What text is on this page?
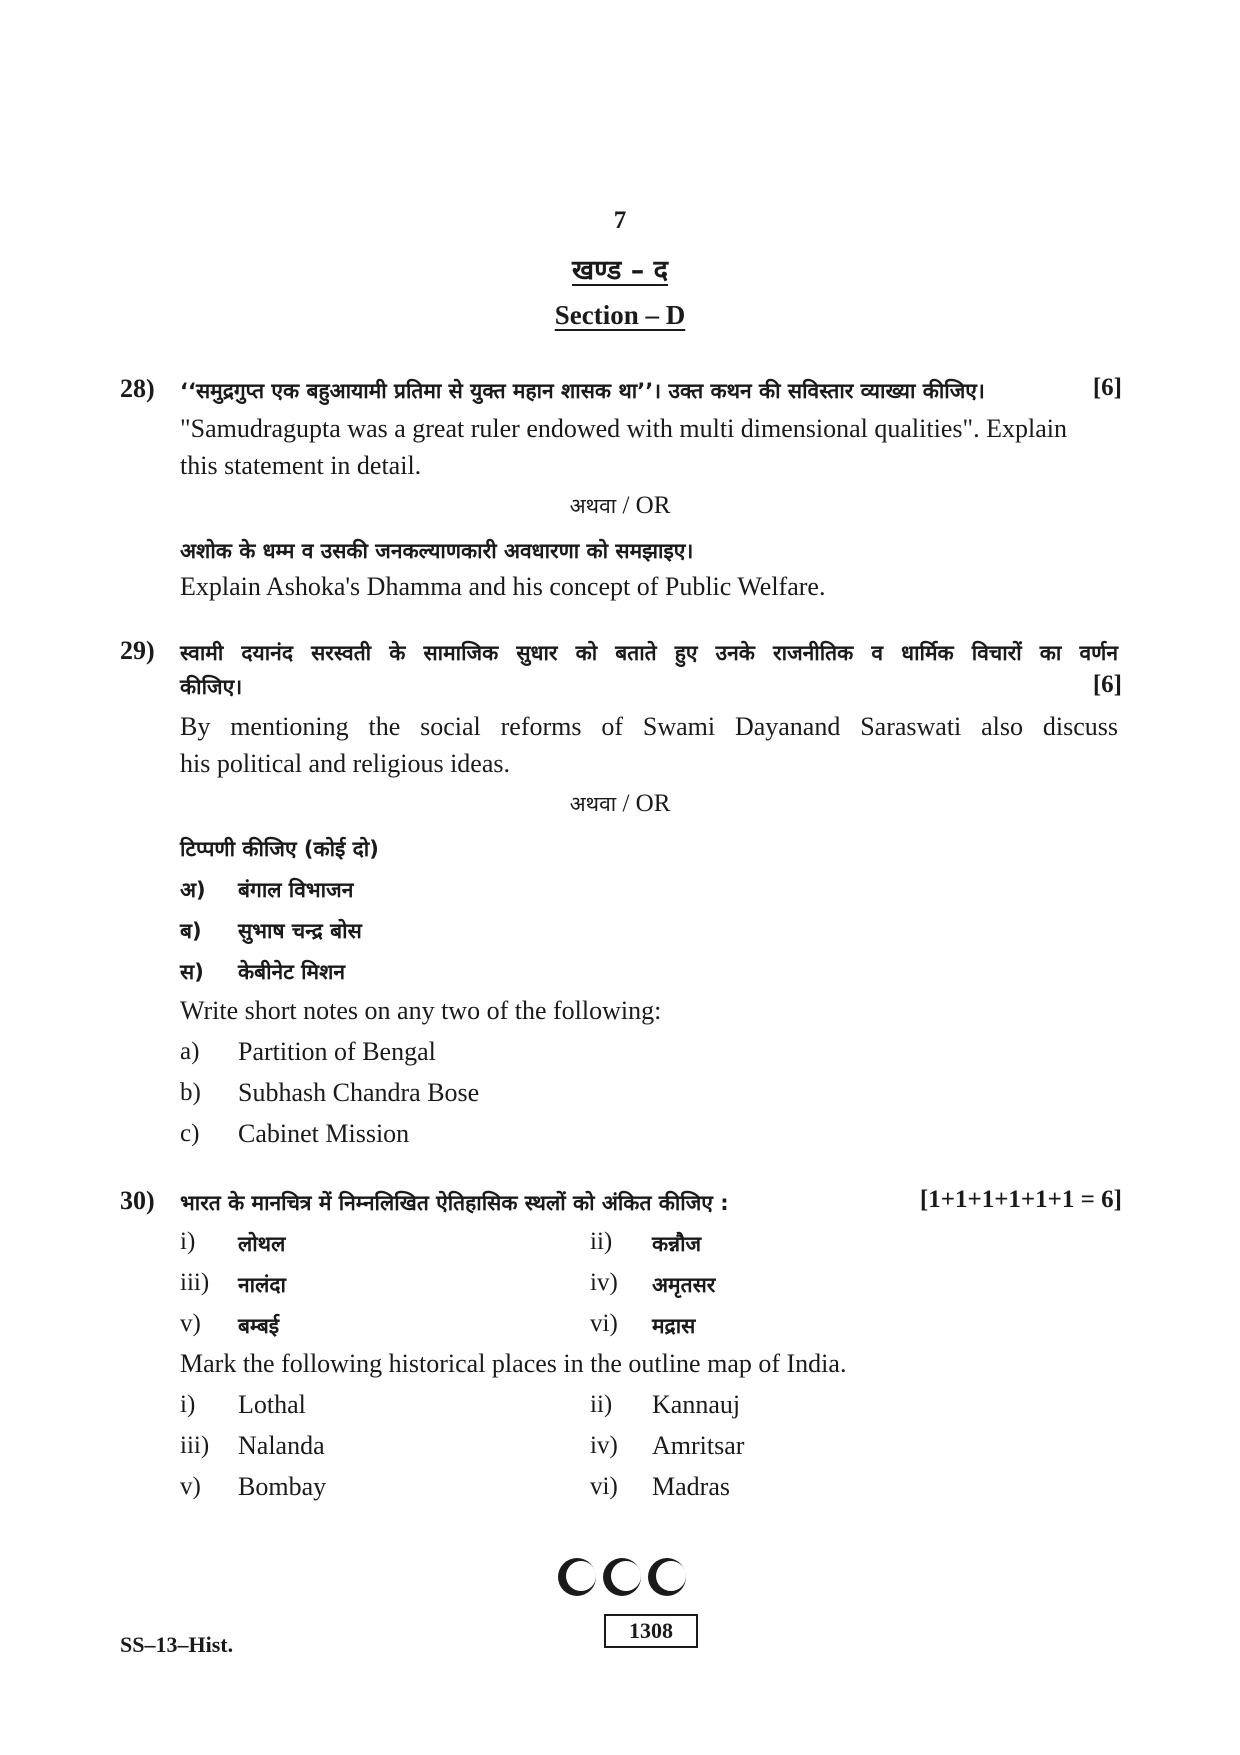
7
खण्ड – द
Section – D
28) ‘‘समुद्रगुप्त एक बहुआयामी प्रतिमा से युक्त महान शासक था’’। उक्त कथन की सविस्तार व्याख्या कीजिए।	[6]
"Samudragupta was a great ruler endowed with multi dimensional qualities". Explain
this statement in detail.
अथवा / OR
अशोक के धम्म व उसकी जनकल्याणकारी अवधारणा को समझाइए।
Explain Ashoka's Dhamma and his concept of Public Welfare.
29) स्वामी दयानंद सरस्वती के सामाजिक सुधार को बताते हुए उनके राजनीतिक व धार्मिक विचारों का वर्णन
कीजिए।	[6]
By mentioning the social reforms of Swami Dayanand Saraswati also discuss
his political and religious ideas.
अथवा / OR
टिप्पणी कीजिए (कोई दो)
अ) बंगाल विभाजन
ब) सुभाष चन्द्र बोस
स) केबीनेट मिशन
Write short notes on any two of the following:
a) Partition of Bengal
b) Subhash Chandra Bose
c) Cabinet Mission
30) भारत के मानचित्र में निम्नलिखित ऐतिहासिक स्थलों को अंकित कीजिए :	[1+1+1+1+1+1 = 6]
i) लोथल	ii) कन्नौज
iii) नालंदा	iv) अमृतसर
v) बम्बई	vi) मद्रास
Mark the following historical places in the outline map of India.
i) Lothal	ii) Kannauj
iii) Nalanda	iv) Amritsar
v) Bombay	vi) Madras
SS–13–Hist.
1308
